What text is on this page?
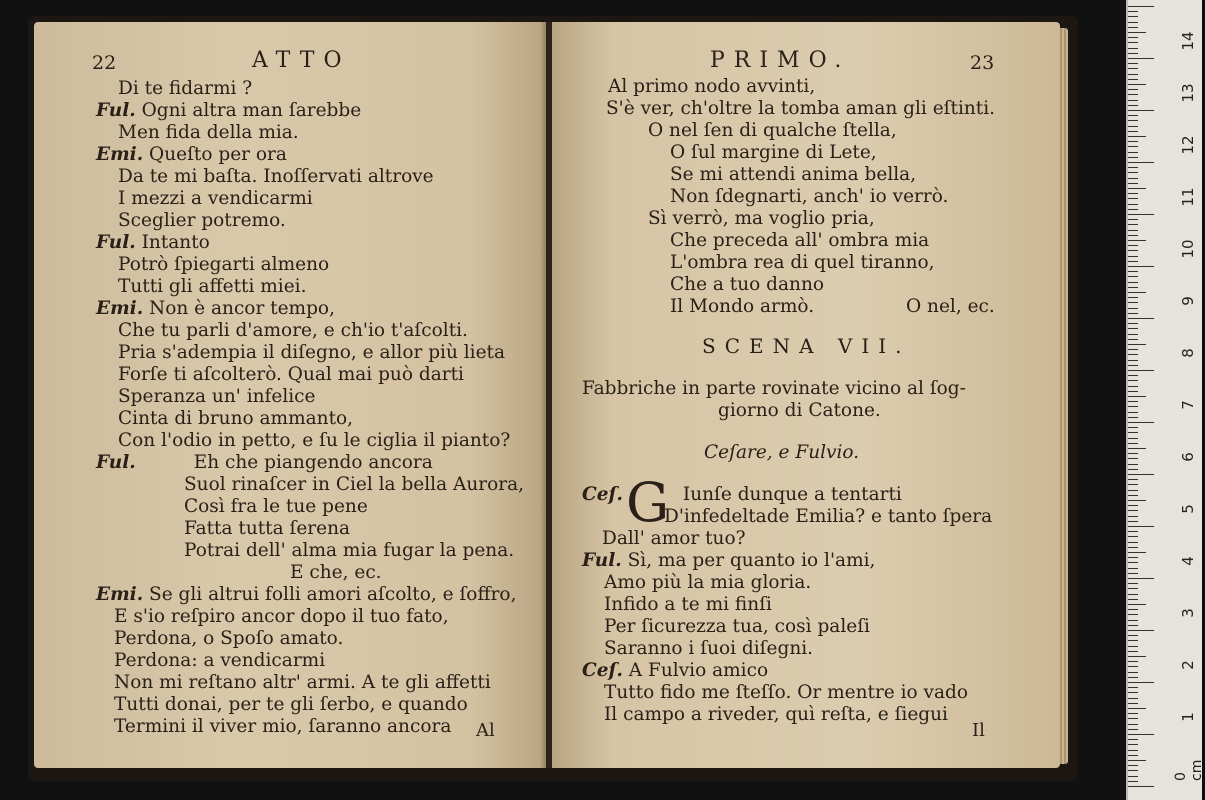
22	ATTO
Di te fidarmi ?
Ful. Ogni altra man ſarebbe
Men fida della mia.
Emi. Queſto per ora
Da te mi baſta. Inoſſervati altrove
I mezzi a vendicarmi
Sceglier potremo.
Ful. Intanto
Potrò ſpiegarti almeno
Tutti gli affetti miei.
Emi. Non è ancor tempo,
Che tu parli d'amore, e ch'io t'aſcolti.
Pria s'adempia il diſegno, e allor più lieta
Forſe ti aſcolterò. Qual mai può darti
Speranza un' infelice
Cinta di bruno ammanto,
Con l'odio in petto, e ſu le ciglia il pianto?
Ful.	Eh che piangendo ancora
Suol rinaſcer in Ciel la bella Aurora,
Così fra le tue pene
Fatta tutta ſerena
Potrai dell' alma mia fugar la pena.
E che, ec.
Emi. Se gli altrui folli amori aſcolto, e ſoffro,
E s'io reſpiro ancor dopo il tuo fato,
Perdona, o Spoſo amato.
Perdona: a vendicarmi
Non mi reſtano altr' armi. A te gli affetti
Tutti donai, per te gli ſerbo, e quando
Termini il viver mio, ſaranno ancora Al
PRIMO.	23
Al primo nodo avvinti,
S'è ver, ch'oltre la tomba aman gli eſtinti.
O nel ſen di qualche ſtella,
O ſul margine di Lete,
Se mi attendi anima bella,
Non ſdegnarti, anch' io verrò.
Sì verrò, ma voglio pria,
Che preceda all' ombra mia
L'ombra rea di quel tiranno,
Che a tuo danno
Il Mondo armò.	O nel, ec.
SCENA VII.
Fabbriche in parte rovinate vicino al ſog-
giorno di Catone.
Ceſare, e Fulvio.
G
Ceſ.	Iunſe dunque a tentarti
D'infedeltade Emilia? e tanto ſpera
Dall' amor tuo?
Ful. Sì, ma per quanto io l'ami,
Amo più la mia gloria.
Infido a te mi finſi
Per ſicurezza tua, così paleſi
Saranno i ſuoi diſegni.
Ceſ. A Fulvio amico
Tutto fido me ſteſſo. Or mentre io vado
Il campo a riveder, quì reſta, e ſiegui
Il
14
13
12
11
10
9
8
7
6
5
4
3
2
1
0 cm
